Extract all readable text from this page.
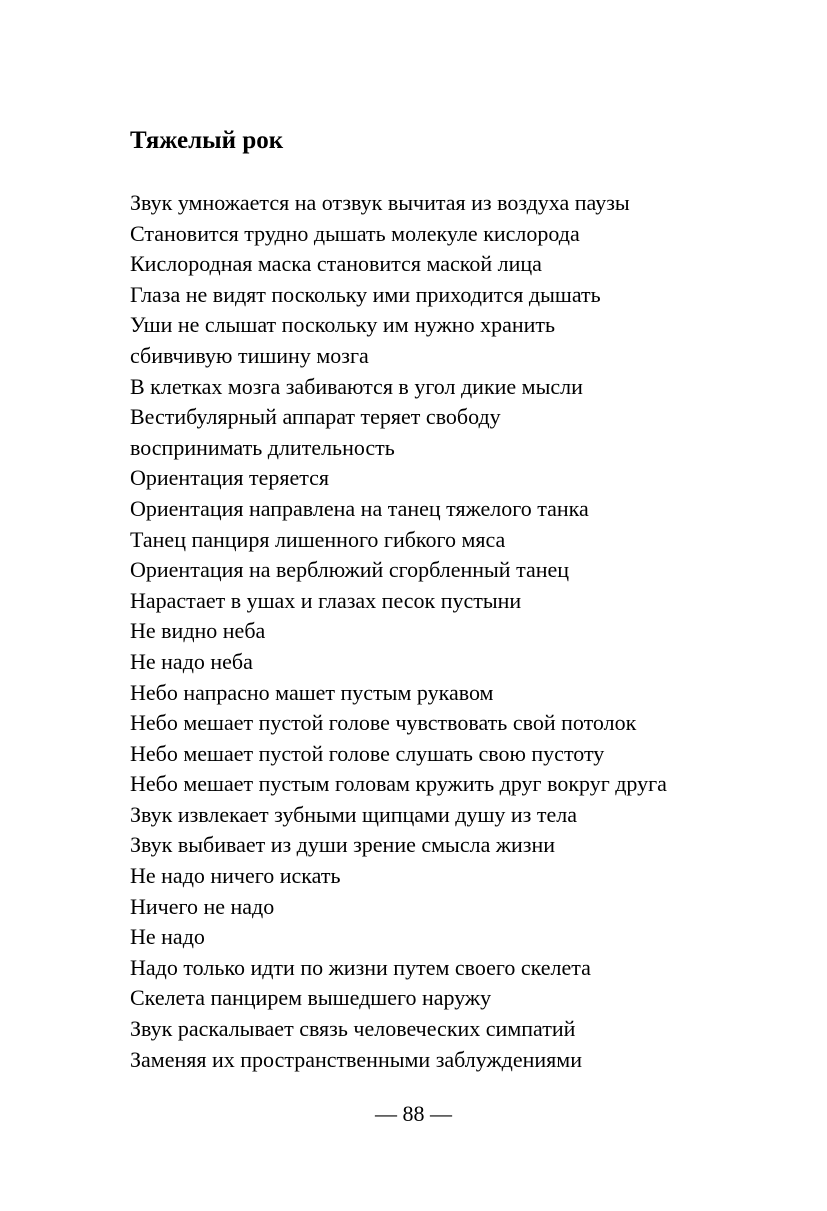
Тяжелый рок
Звук умножается на отзвук вычитая из воздуха паузы
Становится трудно дышать молекуле кислорода
Кислородная маска становится маской лица
Глаза не видят поскольку ими приходится дышать
Уши не слышат поскольку им нужно хранить
сбивчивую тишину мозга
В клетках мозга забиваются в угол дикие мысли
Вестибулярный аппарат теряет свободу
воспринимать длительность
Ориентация теряется
Ориентация направлена на танец тяжелого танка
Танец панциря лишенного гибкого мяса
Ориентация на верблюжий сгорбленный танец
Нарастает в ушах и глазах песок пустыни
Не видно неба
Не надо неба
Небо напрасно машет пустым рукавом
Небо мешает пустой голове чувствовать свой потолок
Небо мешает пустой голове слушать свою пустоту
Небо мешает пустым головам кружить друг вокруг друга
Звук извлекает зубными щипцами душу из тела
Звук выбивает из души зрение смысла жизни
Не надо ничего искать
Ничего не надо
Не надо
Надо только идти по жизни путем своего скелета
Скелета панцирем вышедшего наружу
Звук раскалывает связь человеческих симпатий
Заменяя их пространственными заблуждениями
— 88 —
